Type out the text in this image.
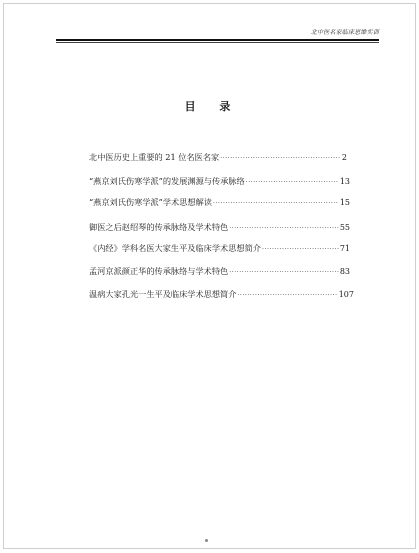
北中医名家临床思维实训
目 录
北中医历史上重要的 21 位名医名家 ·····	2
“燕京刘氏伤寒学派”的发展渊源与传承脉络 ·····	13
“燕京刘氏伤寒学派”学术思想解读 ·····	15
御医之后赵绍琴的传承脉络及学术特色 ·····	55
《内经》学科名医大家生平及临床学术思想简介 ·····	71
孟河京派颜正华的传承脉络与学术特色 ·····	83
温病大家孔光一生平及临床学术思想简介 ·····	107
